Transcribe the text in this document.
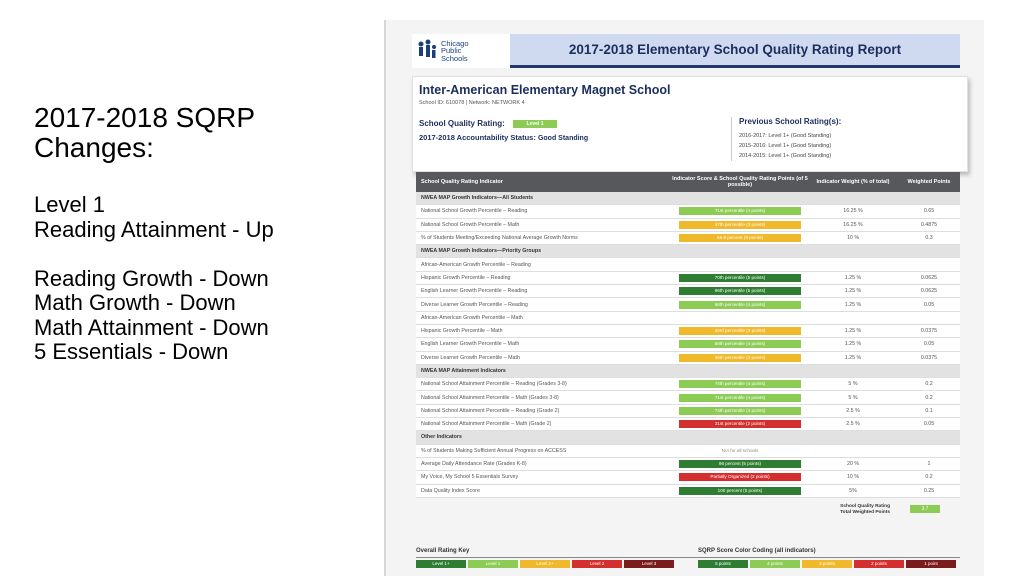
2017-2018 SQRP
Changes:
Level 1
Reading Attainment - Up
Reading Growth - Down
Math Growth - Down
Math Attainment - Down
5 Essentials - Down
Chicago
Public
Schools
2017-2018 Elementary School Quality Rating Report
Inter-American Elementary Magnet School
School ID: 610078 | Network: NETWORK 4
School Quality Rating:	Level 1
2017-2018 Accountability Status: Good Standing
Previous School Rating(s):
2016-2017: Level 1+ (Good Standing)
2015-2016: Level 1+ (Good Standing)
2014-2015: Level 1+ (Good Standing)
School Quality Rating Indicator
Indicator Score & School Quality Rating Points (of 5 possible)
Indicator Weight (% of total)	Weighted Points
NWEA MAP Growth Indicators—All Students
National School Growth Percentile – Reading	71st percentile (4 points)	16.25 %	0.65
National School Growth Percentile – Math	47th percentile (3 points)	16.25 %	0.4875
% of Students Meeting/Exceeding National Average Growth Norms	56.9 percent (3 points)	10 %	0.3
NWEA MAP Growth Indicators—Priority Groups
African-American Growth Percentile – Reading
Hispanic Growth Percentile – Reading	70th percentile (5 points)	1.25 %	0.0625
English Learner Growth Percentile – Reading	96th percentile (5 points)	1.25 %	0.0625
Diverse Learner Growth Percentile – Reading	66th percentile (4 points)	1.25 %	0.05
African-American Growth Percentile – Math
Hispanic Growth Percentile – Math	43rd percentile (3 points)	1.25 %	0.0375
English Learner Growth Percentile – Math	58th percentile (4 points)	1.25 %	0.05
Diverse Learner Growth Percentile – Math	39th percentile (3 points)	1.25 %	0.0375
NWEA MAP Attainment Indicators
National School Attainment Percentile – Reading (Grades 3-8)	74th percentile (4 points)	5 %	0.2
National School Attainment Percentile – Math (Grades 3-8)	71st percentile (4 points)	5 %	0.2
National School Attainment Percentile – Reading (Grade 2)	74th percentile (4 points)	2.5 %	0.1
National School Attainment Percentile – Math (Grade 2)	31st percentile (2 points)	2.5 %	0.05
Other Indicators
% of Students Making Sufficient Annual Progress on ACCESS	N/A for all schools
Average Daily Attendance Rate (Grades K-8)	96 percent (5 points)	20 %	1
My Voice, My School 5 Essentials Survey	Partially Organized (2 points)	10 %	0.2
Data Quality Index Score	100 percent (5 points)	5%	0.25
School Quality Rating
Total Weighted Points
3.7
Overall Rating Key	SQRP Score Color Coding (all indicators)
Level 1+	Level 1	Level 2+	Level 2	Level 3	5 points	4 points	3 points	2 points	1 point
